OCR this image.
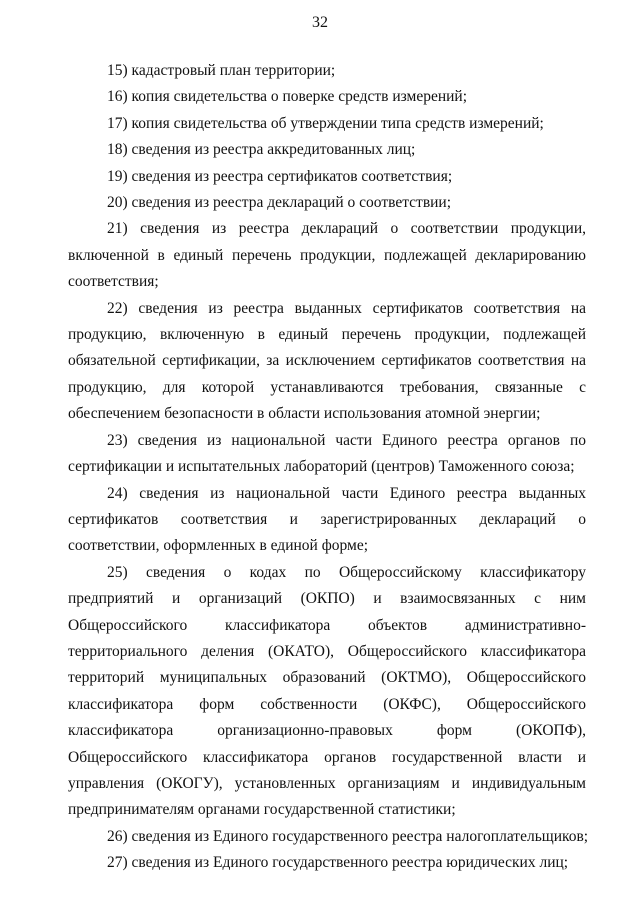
32

15) кадастровый план территории;

16) копия свидетельства о поверке средств измерений;

17) копия свидетельства об утверждении типа средств измерений;

18) сведения из реестра аккредитованных лиц;

19) сведения из реестра сертификатов соответствия;

20) сведения из реестра деклараций о соответствии;

21) сведения из реестра деклараций о соответствии продукции, включенной в единый перечень продукции, подлежащей декларированию соответствия;

22) сведения из реестра выданных сертификатов соответствия на продукцию, включенную в единый перечень продукции, подлежащей обязательной сертификации, за исключением сертификатов соответствия на продукцию, для которой устанавливаются требования, связанные с обеспечением безопасности в области использования атомной энергии;

23) сведения из национальной части Единого реестра органов по сертификации и испытательных лабораторий (центров) Таможенного союза;

24) сведения из национальной части Единого реестра выданных сертификатов соответствия и зарегистрированных деклараций о соответствии, оформленных в единой форме;

25) сведения о кодах по Общероссийскому классификатору предприятий и организаций (ОКПО) и взаимосвязанных с ним Общероссийского классификатора объектов административно-территориального деления (ОКАТО), Общероссийского классификатора территорий муниципальных образований (ОКТМО), Общероссийского классификатора форм собственности (ОКФС), Общероссийского классификатора организационно-правовых форм (ОКОПФ), Общероссийского классификатора органов государственной власти и управления (ОКОГУ), установленных организациям и индивидуальным предпринимателям органами государственной статистики;

26) сведения из Единого государственного реестра налогоплательщиков;

27) сведения из Единого государственного реестра юридических лиц;
